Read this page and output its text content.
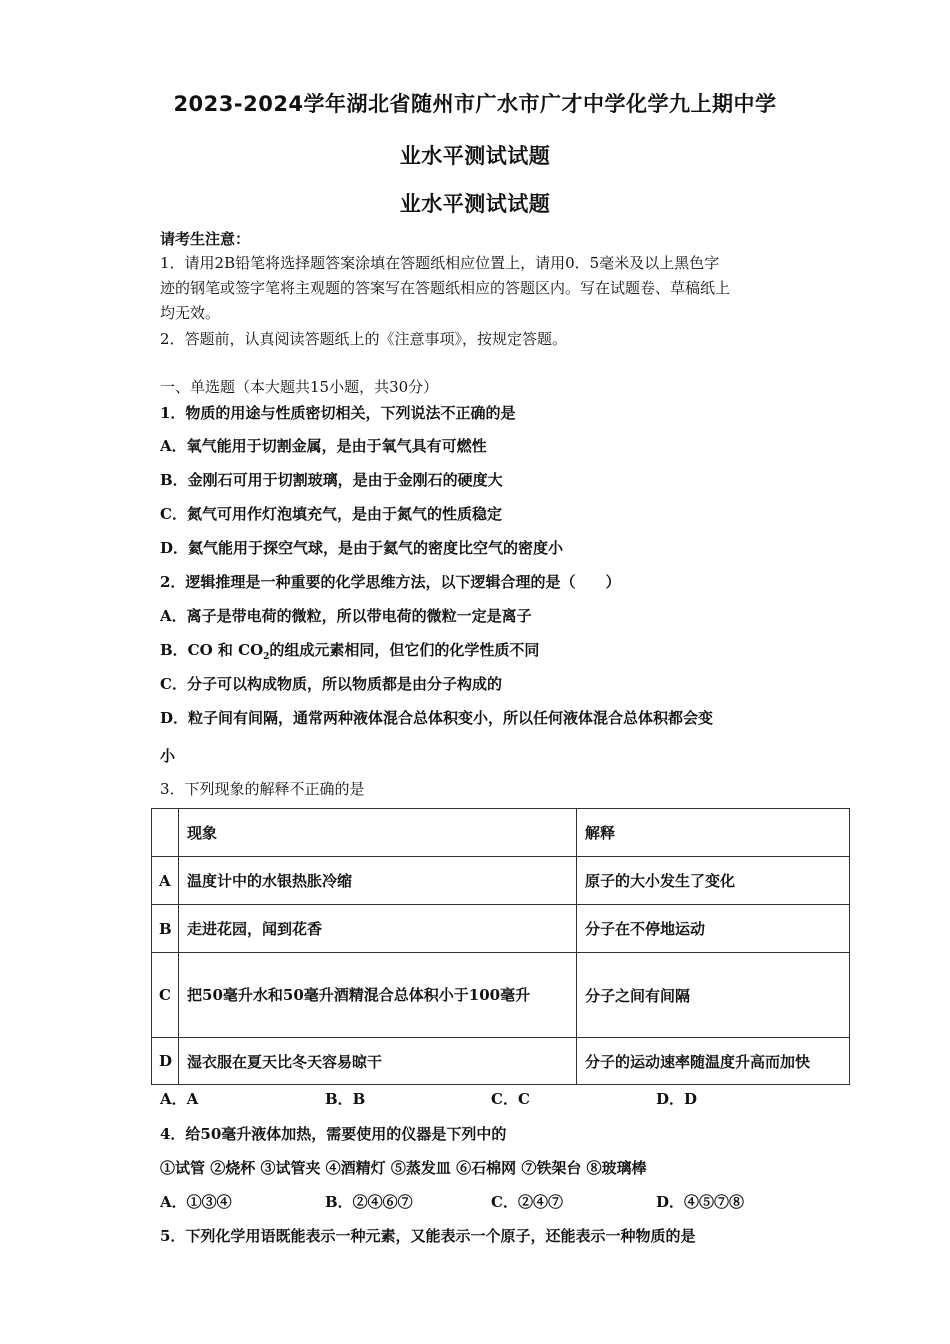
2023-2024学年湖北省随州市广水市广才中学化学九上期中学
业水平测试试题
业水平测试试题
请考生注意：
1．请用2B铅笔将选择题答案涂填在答题纸相应位置上，请用0．5毫米及以上黑色字
迹的钢笔或签字笔将主观题的答案写在答题纸相应的答题区内。写在试题卷、草稿纸上
均无效。
2．答题前，认真阅读答题纸上的《注意事项》，按规定答题。
一、单选题（本大题共15小题，共30分）
1．物质的用途与性质密切相关，下列说法不正确的是
A．氧气能用于切割金属，是由于氧气具有可燃性
B．金刚石可用于切割玻璃，是由于金刚石的硬度大
C．氮气可用作灯泡填充气，是由于氮气的性质稳定
D．氦气能用于探空气球，是由于氦气的密度比空气的密度小
2．逻辑推理是一种重要的化学思维方法，以下逻辑合理的是（　　）
A．离子是带电荷的微粒，所以带电荷的微粒一定是离子
B．CO 和 $CO_2$的组成元素相同，但它们的化学性质不同
C．分子可以构成物质，所以物质都是由分子构成的
D．粒子间有间隔，通常两种液体混合总体积变小，所以任何液体混合总体积都会变
小
3．下列现象的解释不正确的是
	现象	解释
A	温度计中的水银热胀冷缩	原子的大小发生了变化
B	走进花园，闻到花香	分子在不停地运动
C	把50毫升水和50毫升酒精混合总体积小于100毫升	分子之间有间隔
D	湿衣服在夏天比冬天容易晾干	分子的运动速率随温度升高而加快
A．A	B．B	C．C	D．D
4．给50毫升液体加热，需要使用的仪器是下列中的
①试管 ②烧杯 ③试管夹 ④酒精灯 ⑤蒸发皿 ⑥石棉网 ⑦铁架台 ⑧玻璃棒
A．①③④	B．②④⑥⑦	C．②④⑦	D．④⑤⑦⑧
5．下列化学用语既能表示一种元素，又能表示一个原子，还能表示一种物质的是
